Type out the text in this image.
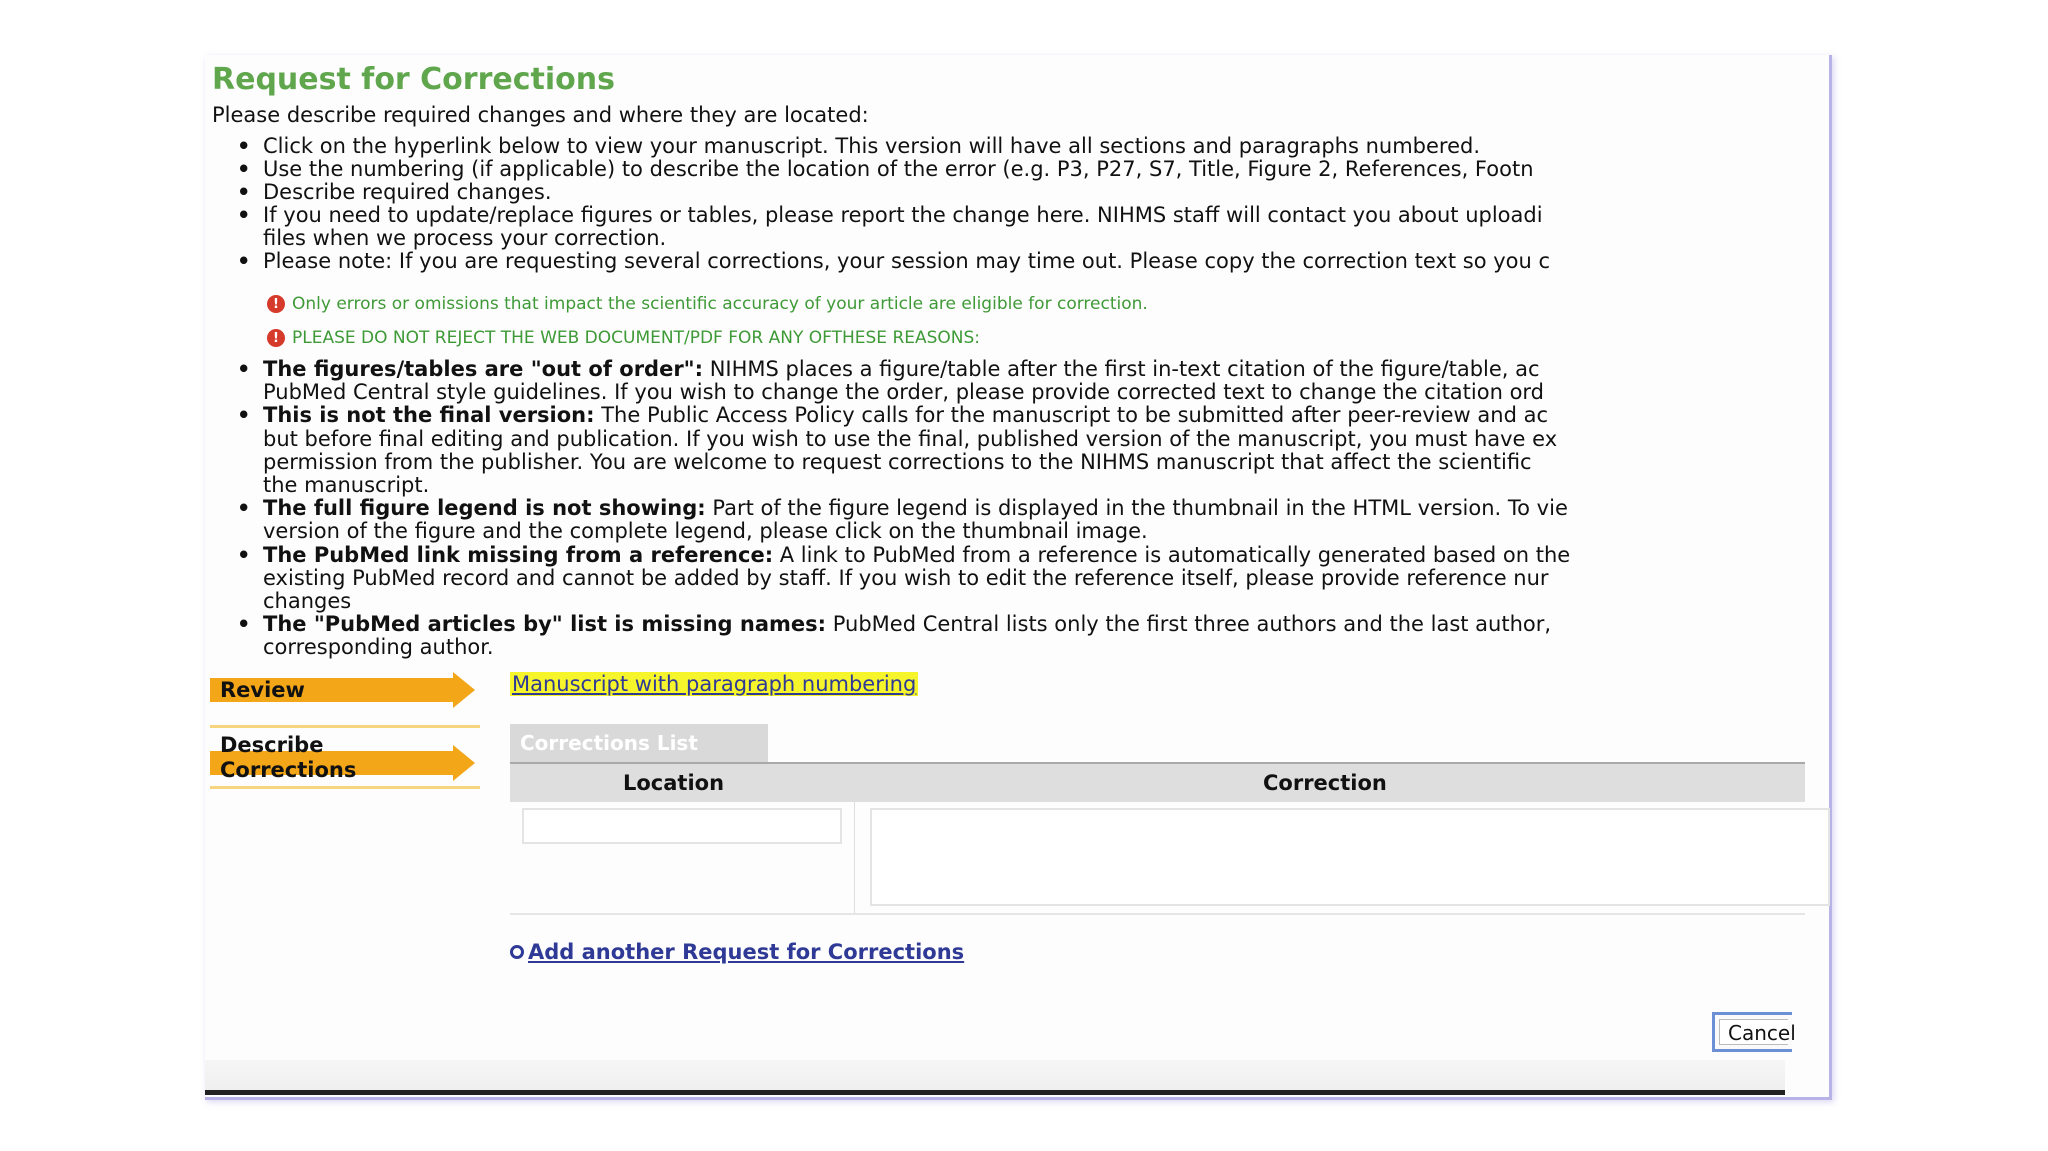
Request for Corrections
Please describe required changes and where they are located:
• Click on the hyperlink below to view your manuscript. This version will have all sections and paragraphs numbered.
• Use the numbering (if applicable) to describe the location of the error (e.g. P3, P27, S7, Title, Figure 2, References, Footn
• Describe required changes.
• If you need to update/replace figures or tables, please report the change here. NIHMS staff will contact you about uploadi
files when we process your correction.
• Please note: If you are requesting several corrections, your session may time out. Please copy the correction text so you c
! Only errors or omissions that impact the scientific accuracy of your article are eligible for correction.
! PLEASE DO NOT REJECT THE WEB DOCUMENT/PDF FOR ANY OFTHESE REASONS:
• The figures/tables are "out of order": NIHMS places a figure/table after the first in-text citation of the figure/table, ac
PubMed Central style guidelines. If you wish to change the order, please provide corrected text to change the citation ord
• This is not the final version: The Public Access Policy calls for the manuscript to be submitted after peer-review and ac
but before final editing and publication. If you wish to use the final, published version of the manuscript, you must have ex
permission from the publisher. You are welcome to request corrections to the NIHMS manuscript that affect the scientific
the manuscript.
• The full figure legend is not showing: Part of the figure legend is displayed in the thumbnail in the HTML version. To vie
version of the figure and the complete legend, please click on the thumbnail image.
• The PubMed link missing from a reference: A link to PubMed from a reference is automatically generated based on the
existing PubMed record and cannot be added by staff. If you wish to edit the reference itself, please provide reference nur
changes
• The "PubMed articles by" list is missing names: PubMed Central lists only the first three authors and the last author,
corresponding author.
Review
Describe
Corrections
Manuscript with paragraph numbering
Corrections List
Location	Correction
Add another Request for Corrections
Cancel
